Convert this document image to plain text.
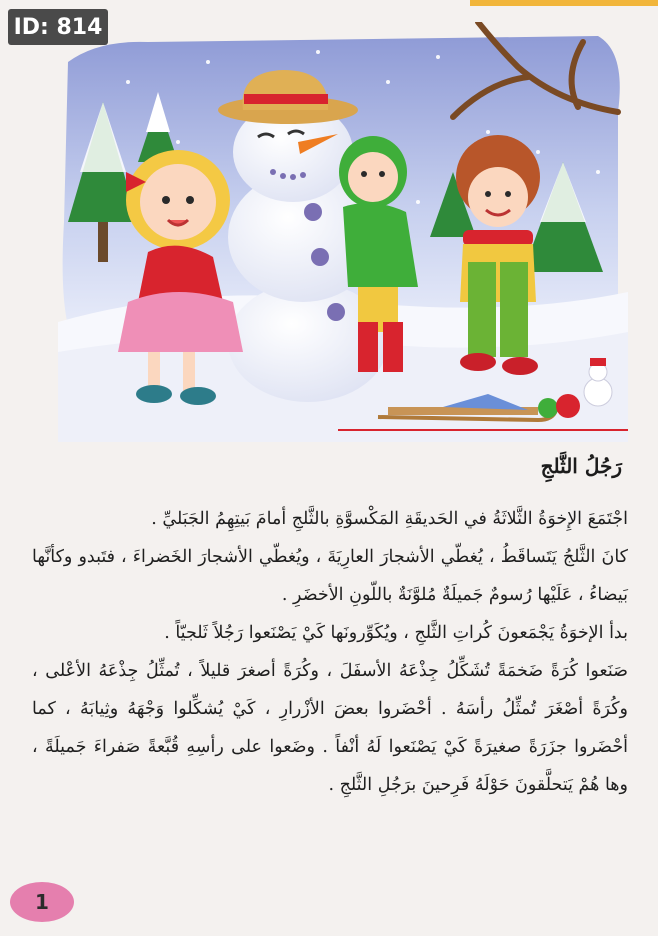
ID: 814
رَجُلُ الثَّلجِ

اجْتَمَعَ الإِخوَةُ الثَّلاثَةُ في الحَديقَةِ المَكْسوَّةِ بالثَّلجِ أمامَ بَيتِهِمُ الجَبَليِّ .

كانَ الثَّلجُ يَتَساقَطُ ، يُغطّي الأشجارَ العارِيَةَ ، ويُغطّي الأشجارَ الخَضراءَ ، فتَبدو وكأنَّها بَيضاءُ ، عَلَيْها رُسومٌ جَميلَةٌ مُلوَّنَةٌ باللّونِ الأخضَرِ .

بدأ الإخوَةُ يَجْمَعونَ كُراتِ الثَّلجِ ، ويُكَوِّرونَها كَيْ يَصْنَعوا رَجُلاً ثَلجيّاً .

صَنَعوا كُرَةً ضَخمَةً تُشَكِّلُ جِذْعَهُ الأسفَلَ ، وكُرَةً أصغرَ قليلاً ، تُمثِّلُ جِذْعَهُ الأعْلى ، وكُرَةً أصْغَرَ تُمثِّلُ رأسَهُ . أحْضَروا بعضَ الأزْرارِ ، كَيْ يُشكِّلوا وَجْهَهُ وثِيابَهُ ، كما أحْضَروا جزَرَةً صغيرَةً كَيْ يَصْنَعوا لَهُ أنْفاً . وضَعوا على رأسِهِ قُبَّعةً صَفراءَ جَميلَةً ، وها هُمْ يَتحلَّقونَ حَوْلَهُ فَرِحينَ برَجُلِ الثَّلجِ .

1
